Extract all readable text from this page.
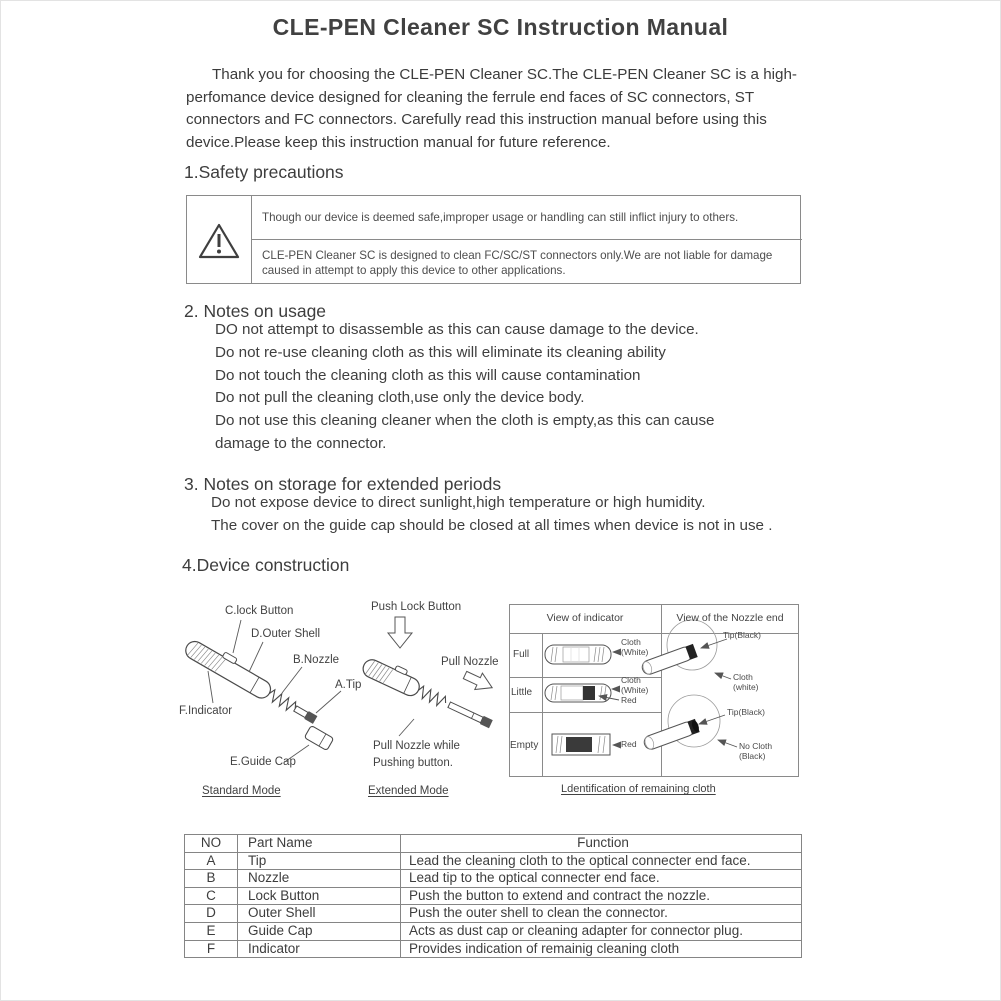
CLE-PEN Cleaner SC Instruction Manual
Thank you for choosing the CLE-PEN Cleaner SC.The CLE-PEN Cleaner SC is a high-perfomance device designed for cleaning the ferrule end faces of SC connectors, ST connectors and FC connectors. Carefully read this instruction manual before using this device.Please keep this instruction manual for future reference.
1.Safety precautions
Though our device is deemed safe,improper usage or handling can still inflict injury to others.
CLE-PEN Cleaner SC is designed to clean FC/SC/ST connectors only.We are not liable for damage caused in attempt to apply this device to other applications.
2. Notes on usage
DO not attempt to disassemble as this can cause damage to the device.
Do not re-use cleaning cloth as this will eliminate its cleaning ability
Do not touch the cleaning cloth as this will cause contamination
Do not pull the cleaning cloth,use only the device body.
Do not use this cleaning cleaner when the cloth is empty,as this can cause damage to the connector.
3. Notes on storage for extended periods
Do not expose device to direct sunlight,high temperature or high humidity.
The cover on the guide cap should be closed at all times when device is not in use .
4.Device construction
C.lock Button
D.Outer Shell
B.Nozzle
A.Tip
F.Indicator
E.Guide Cap
Standard Mode
Push Lock Button
Pull Nozzle
Pull Nozzle while Pushing button.
Extended Mode
View of indicator	View of the Nozzle end
Full
Little
Empty
Cloth (White)
Cloth (White)
Red
Red
Tip(Black)
Cloth (white)
Tip(Black)
No Cloth (Black)
Ldentification of remaining cloth
NO	Part Name	Function
A	Tip	Lead the cleaning cloth to the optical connecter end face.
B	Nozzle	Lead tip to the optical connecter end face.
C	Lock Button	Push the button to extend and contract the nozzle.
D	Outer Shell	Push the outer shell to clean the connector.
E	Guide Cap	Acts as dust cap or cleaning adapter for connector plug.
F	Indicator	Provides indication of remainig cleaning cloth
